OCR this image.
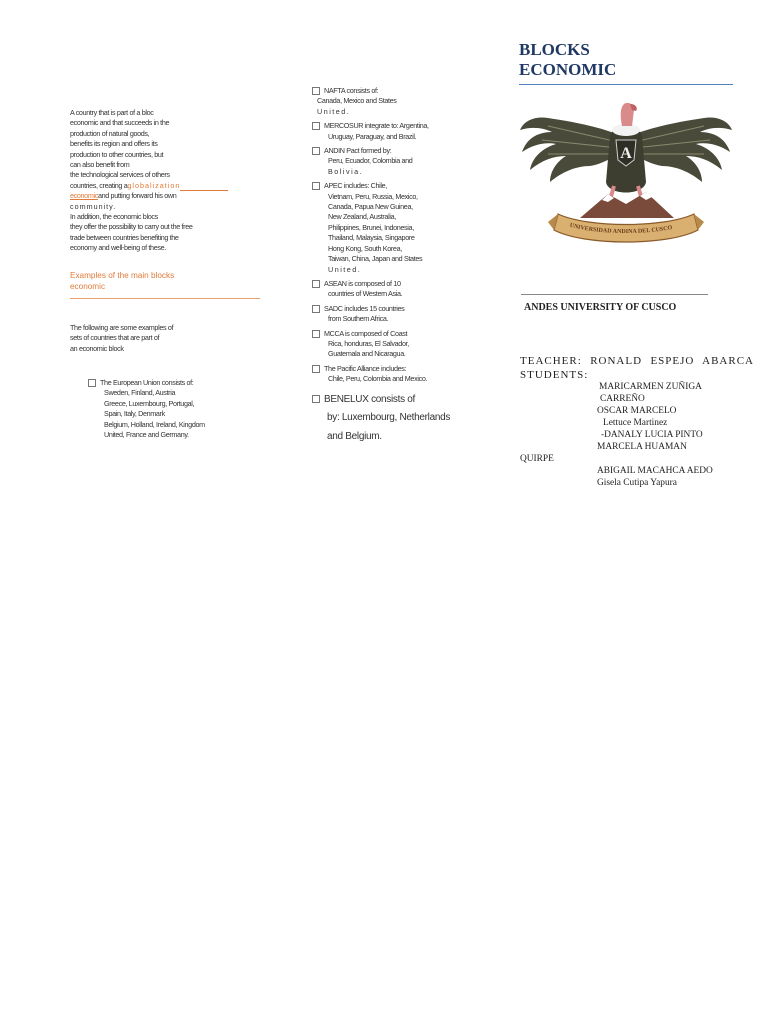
A country that is part of a bloc

economic and that succeeds in the

production of natural goods,

benefits its region and offers its

production to other countries, but

can also benefit from

the technological services of others

countries, creating aglobalization

economicand putting forward his own

community.

In addition, the economic blocs

they offer the possibility to carry out the free

trade between countries benefiting the

economy and well-being of these.

Examples of the main blocks
economic

The following are some examples of

sets of countries that are part of

an economic block

The European Union consists of:

Sweden, Finland, Austria

Greece, Luxembourg, Portugal,

Spain, Italy, Denmark

Belgium, Holland, Ireland, Kingdom

United, France and Germany.

NAFTA consists of:

Canada, Mexico and States

United.

MERCOSUR integrate to: Argentina,

Uruguay, Paraguay, and Brazil.

ANDIN Pact formed by:

Peru, Ecuador, Colombia and

Bolivia.

APEC includes: Chile,

Vietnam, Peru, Russia, Mexico,

Canada, Papua New Guinea,

New Zealand, Australia,

Philippines, Brunei, Indonesia,

Thailand, Malaysia, Singapore

Hong Kong, South Korea,

Taiwan, China, Japan and States

United.

ASEAN is composed of 10

countries of Western Asia.

SADC includes 15 countries

from Southern Africa.

MCCA is composed of Coast

Rica, honduras, El Salvador,

Guatemala and Nicaragua.

The Pacific Alliance includes:

Chile, Peru, Colombia and Mexico.

BENELUX consists of
by: Luxembourg, Netherlands
and Belgium.
BLOCKS
ECONOMIC
A
UNIVERSIDAD ANDINA DEL CUSCO
ANDES UNIVERSITY OF CUSCO
TEACHER: RONALD ESPEJO ABARCA
STUDENTS:
MARICARMEN ZUÑIGA
CARREÑO
OSCAR MARCELO
Lettuce Martinez
-DANALY LUCIA PINTO
MARCELA HUAMAN
QUIRPE
ABIGAIL MACAHCA AEDO
Gisela Cutipa Yapura
